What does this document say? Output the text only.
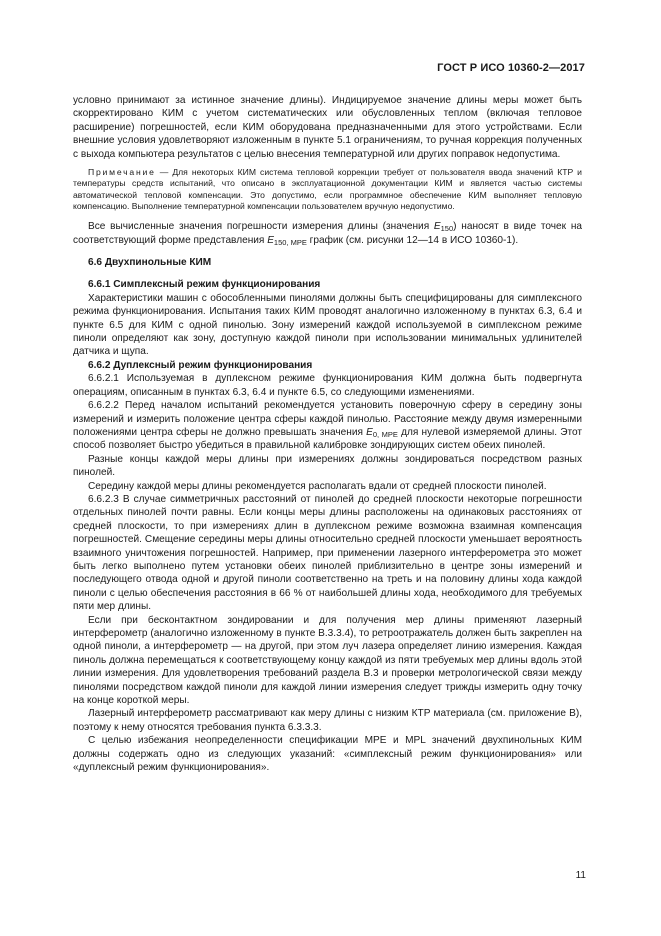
ГОСТ Р ИСО 10360-2—2017

условно принимают за истинное значение длины). Индицируемое значение длины меры может быть скорректировано КИМ с учетом систематических или обусловленных теплом (включая тепловое расширение) погрешностей, если КИМ оборудована предназначенными для этого устройствами. Если внешние условия удовлетворяют изложенным в пункте 5.1 ограничениям, то ручная коррекция полученных с выхода компьютера результатов с целью внесения температурной или других поправок недопустима.

Примечание — Для некоторых КИМ система тепловой коррекции требует от пользователя ввода значений КТР и температуры средств испытаний, что описано в эксплуатационной документации КИМ и является частью системы автоматической тепловой компенсации. Это допустимо, если программное обеспечение КИМ выполняет тепловую компенсацию. Выполнение температурной компенсации пользователем вручную недопустимо.

Все вычисленные значения погрешности измерения длины (значения $E_{150}$) наносят в виде точек на соответствующий форме представления $E_{150, MPE}$ график (см. рисунки 12—14 в ИСО 10360-1).

6.6 Двухпинольные КИМ

6.6.1 Симплексный режим функционирования

Характеристики машин с обособленными пинолями должны быть специфицированы для симплексного режима функционирования. Испытания таких КИМ проводят аналогично изложенному в пунктах 6.3, 6.4 и пункте 6.5 для КИМ с одной пинолью. Зону измерений каждой используемой в симплексном режиме пиноли определяют как зону, доступную каждой пиноли при использовании минимальных удлинителей датчика и щупа.

6.6.2 Дуплексный режим функционирования

6.6.2.1 Используемая в дуплексном режиме функционирования КИМ должна быть подвергнута операциям, описанным в пунктах 6.3, 6.4 и пункте 6.5, со следующими изменениями.

6.6.2.2 Перед началом испытаний рекомендуется установить поверочную сферу в середину зоны измерений и измерить положение центра сферы каждой пинолью. Расстояние между двумя измеренными положениями центра сферы не должно превышать значения $E_{0, MPE}$ для нулевой измеряемой длины. Этот способ позволяет быстро убедиться в правильной калибровке зондирующих систем обеих пинолей.

Разные концы каждой меры длины при измерениях должны зондироваться посредством разных пинолей.

Середину каждой меры длины рекомендуется располагать вдали от средней плоскости пинолей.

6.6.2.3 В случае симметричных расстояний от пинолей до средней плоскости некоторые погрешности отдельных пинолей почти равны. Если концы меры длины расположены на одинаковых расстояниях от средней плоскости, то при измерениях длин в дуплексном режиме возможна взаимная компенсация погрешностей. Смещение середины меры длины относительно средней плоскости уменьшает вероятность взаимного уничтожения погрешностей. Например, при применении лазерного интерферометра это может быть легко выполнено путем установки обеих пинолей приблизительно в центре зоны измерений и последующего отвода одной и другой пиноли соответственно на треть и на половину длины хода каждой пиноли с целью обеспечения расстояния в 66 % от наибольшей длины хода, необходимого для требуемых пяти мер длины.

Если при бесконтактном зондировании и для получения мер длины применяют лазерный интерферометр (аналогично изложенному в пункте В.3.3.4), то ретроотражатель должен быть закреплен на одной пиноли, а интерферометр — на другой, при этом луч лазера определяет линию измерения. Каждая пиноль должна перемещаться к соответствующему концу каждой из пяти требуемых мер длины вдоль этой линии измерения. Для удовлетворения требований раздела В.3 и проверки метрологической связи между пинолями посредством каждой пиноли для каждой линии измерения следует трижды измерить одну точку на конце короткой меры.

Лазерный интерферометр рассматривают как меру длины с низким КТР материала (см. приложение В), поэтому к нему относятся требования пункта 6.3.3.3.

С целью избежания неопределенности спецификации MPE и MPL значений двухпинольных КИМ должны содержать одно из следующих указаний: «симплексный режим функционирования» или «дуплексный режим функционирования».

11
